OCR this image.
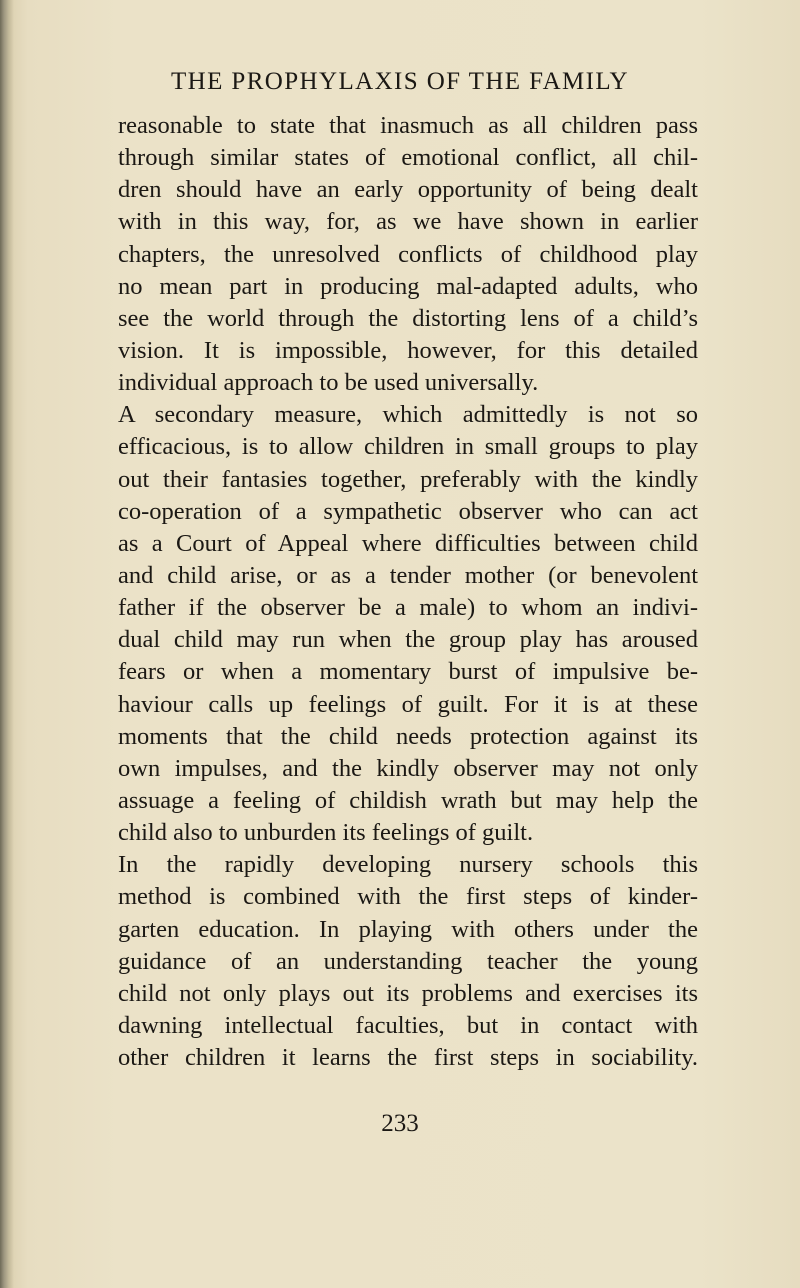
THE PROPHYLAXIS OF THE FAMILY
reasonable to state that inasmuch as all children pass
through similar states of emotional conflict, all chil-
dren should have an early opportunity of being dealt
with in this way, for, as we have shown in earlier
chapters, the unresolved conflicts of childhood play
no mean part in producing mal-adapted adults, who
see the world through the distorting lens of a child’s
vision. It is impossible, however, for this detailed
individual approach to be used universally.
A secondary measure, which admittedly is not so
efficacious, is to allow children in small groups to play
out their fantasies together, preferably with the kindly
co-operation of a sympathetic observer who can act
as a Court of Appeal where difficulties between child
and child arise, or as a tender mother (or benevolent
father if the observer be a male) to whom an indivi-
dual child may run when the group play has aroused
fears or when a momentary burst of impulsive be-
haviour calls up feelings of guilt. For it is at these
moments that the child needs protection against its
own impulses, and the kindly observer may not only
assuage a feeling of childish wrath but may help the
child also to unburden its feelings of guilt.
In the rapidly developing nursery schools this
method is combined with the first steps of kinder-
garten education. In playing with others under the
guidance of an understanding teacher the young
child not only plays out its problems and exercises its
dawning intellectual faculties, but in contact with
other children it learns the first steps in sociability.
233
